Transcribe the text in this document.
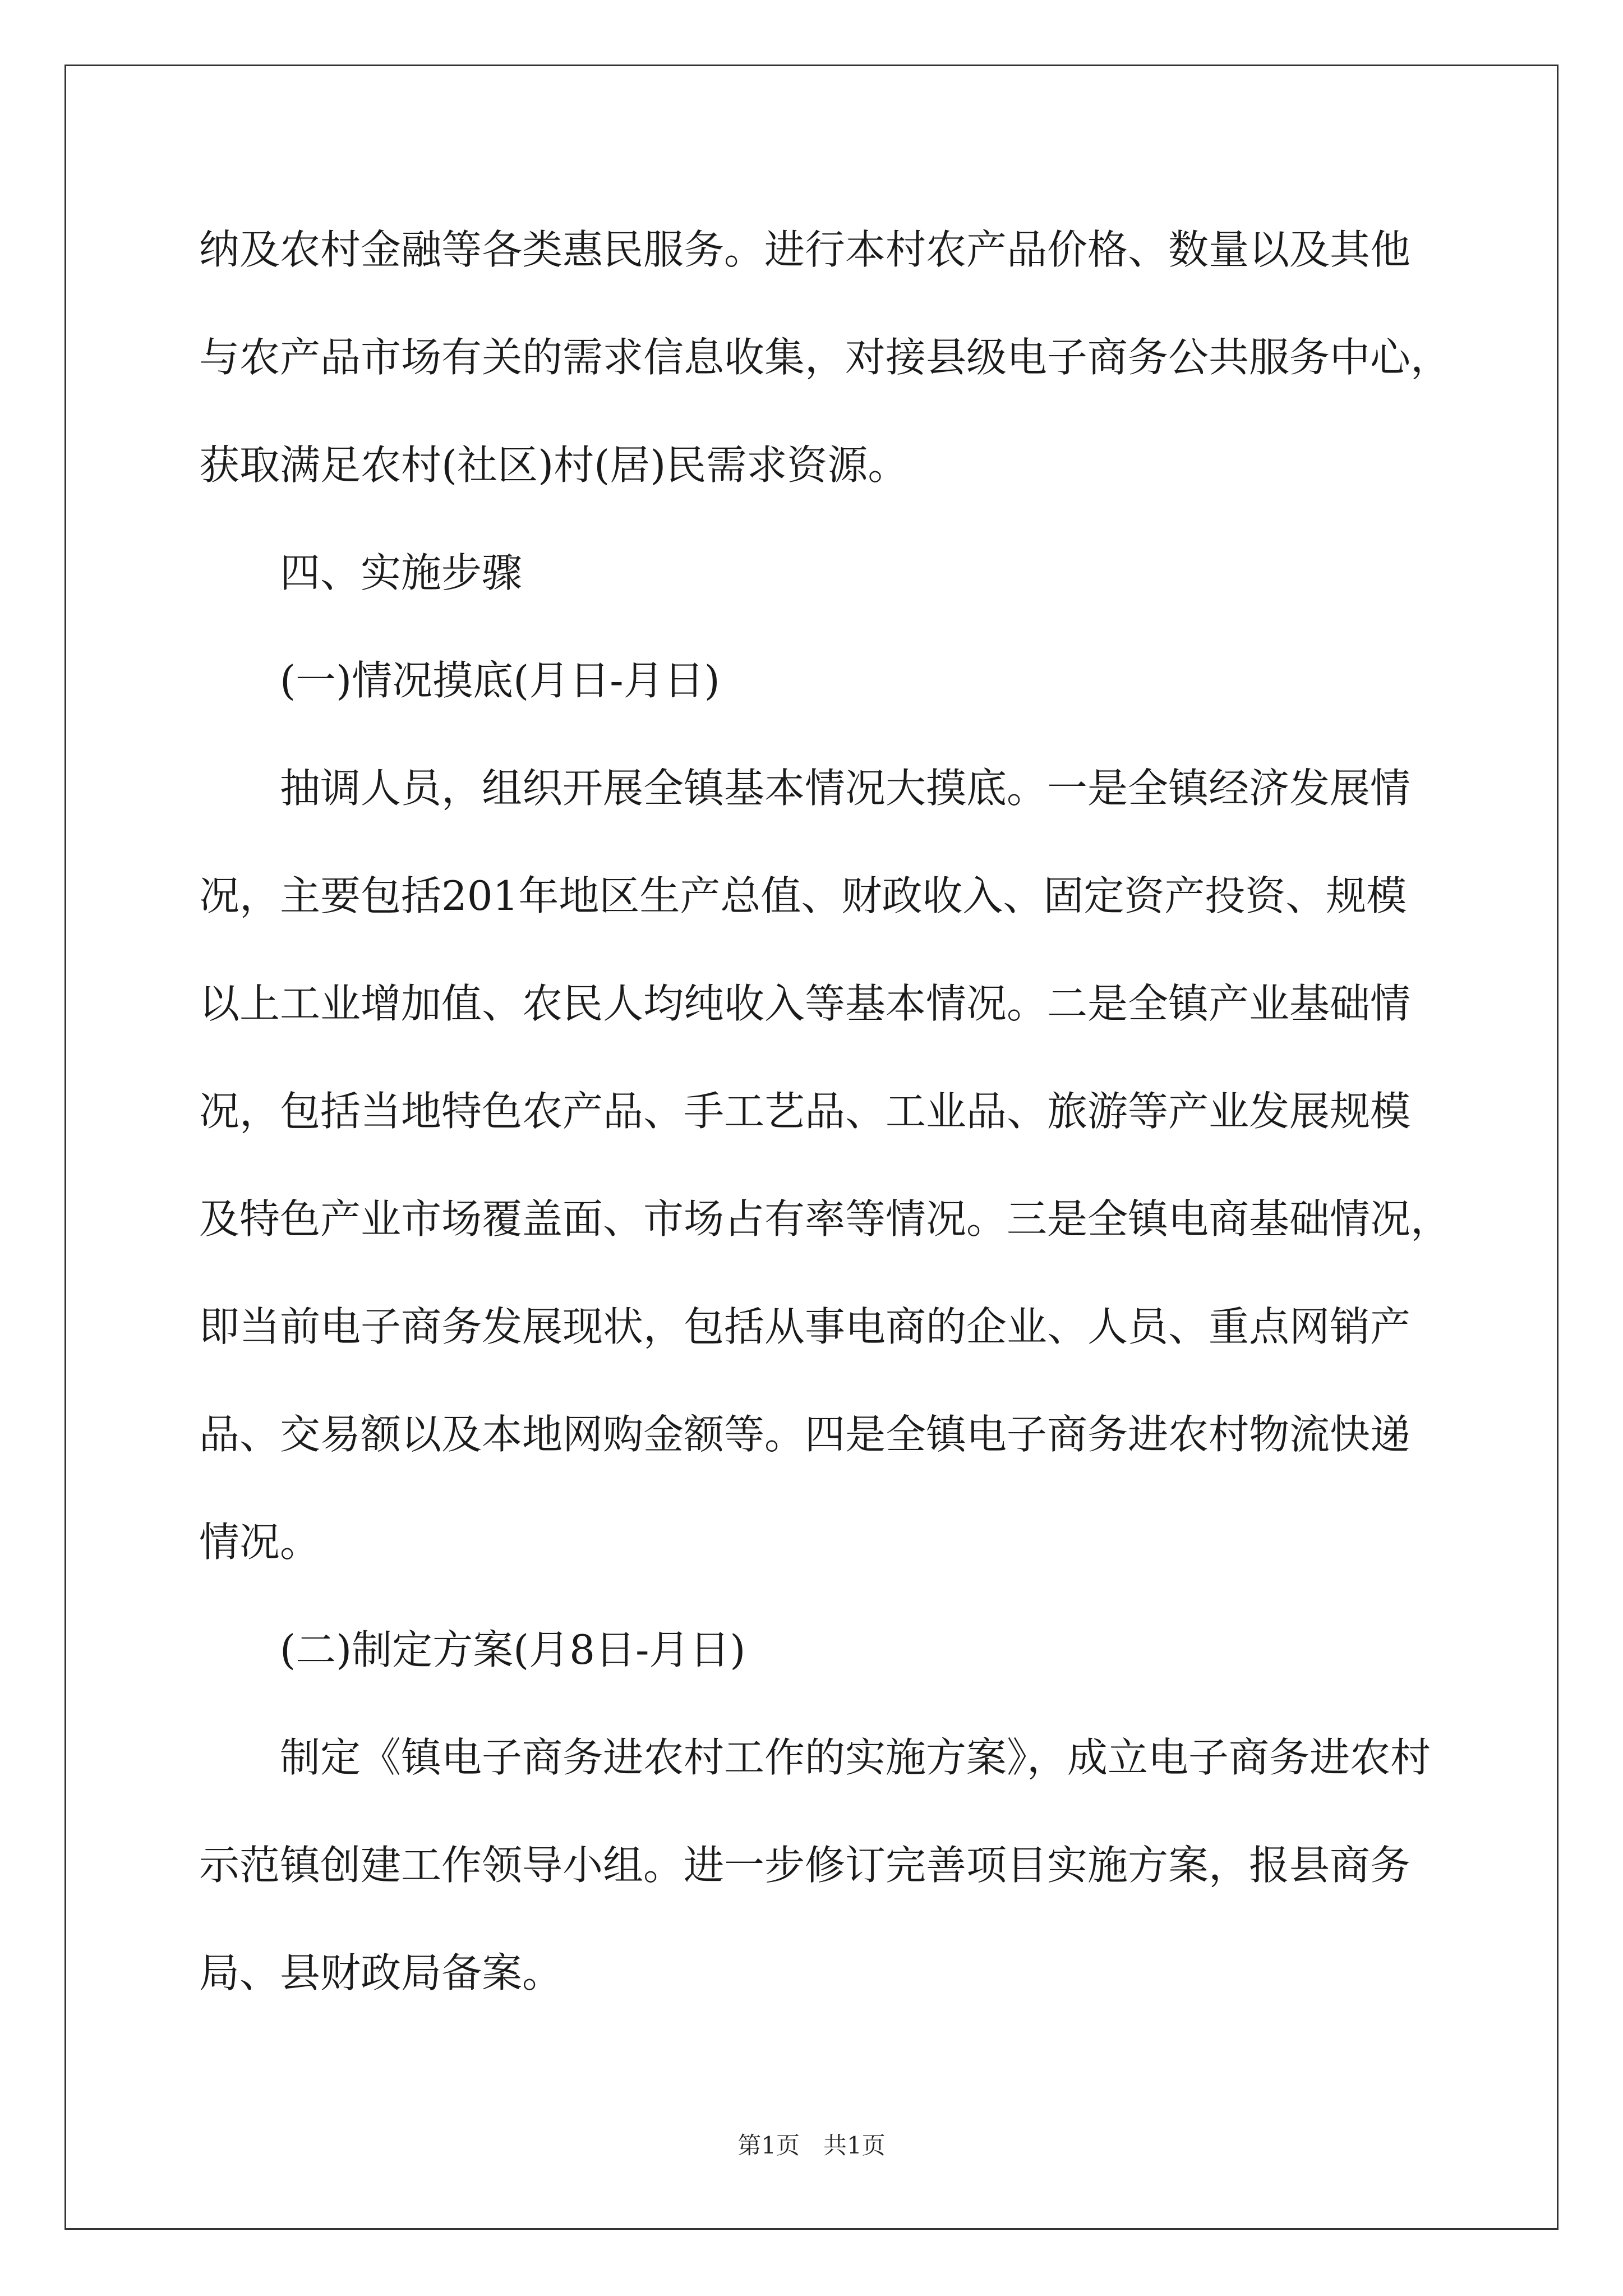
纳及农村金融等各类惠民服务。进行本村农产品价格、数量以及其他
与农产品市场有关的需求信息收集，对接县级电子商务公共服务中心，
获取满足农村(社区)村(居)民需求资源。
四、实施步骤
(一)情况摸底(月日-月日)
抽调人员，组织开展全镇基本情况大摸底。一是全镇经济发展情
况，主要包括201年地区生产总值、财政收入、固定资产投资、规模
以上工业增加值、农民人均纯收入等基本情况。二是全镇产业基础情
况，包括当地特色农产品、手工艺品、工业品、旅游等产业发展规模
及特色产业市场覆盖面、市场占有率等情况。三是全镇电商基础情况，
即当前电子商务发展现状，包括从事电商的企业、人员、重点网销产
品、交易额以及本地网购金额等。四是全镇电子商务进农村物流快递
情况。
(二)制定方案(月8日-月日)
制定《镇电子商务进农村工作的实施方案》，成立电子商务进农村
示范镇创建工作领导小组。进一步修订完善项目实施方案，报县商务
局、县财政局备案。
第1页　共1页
